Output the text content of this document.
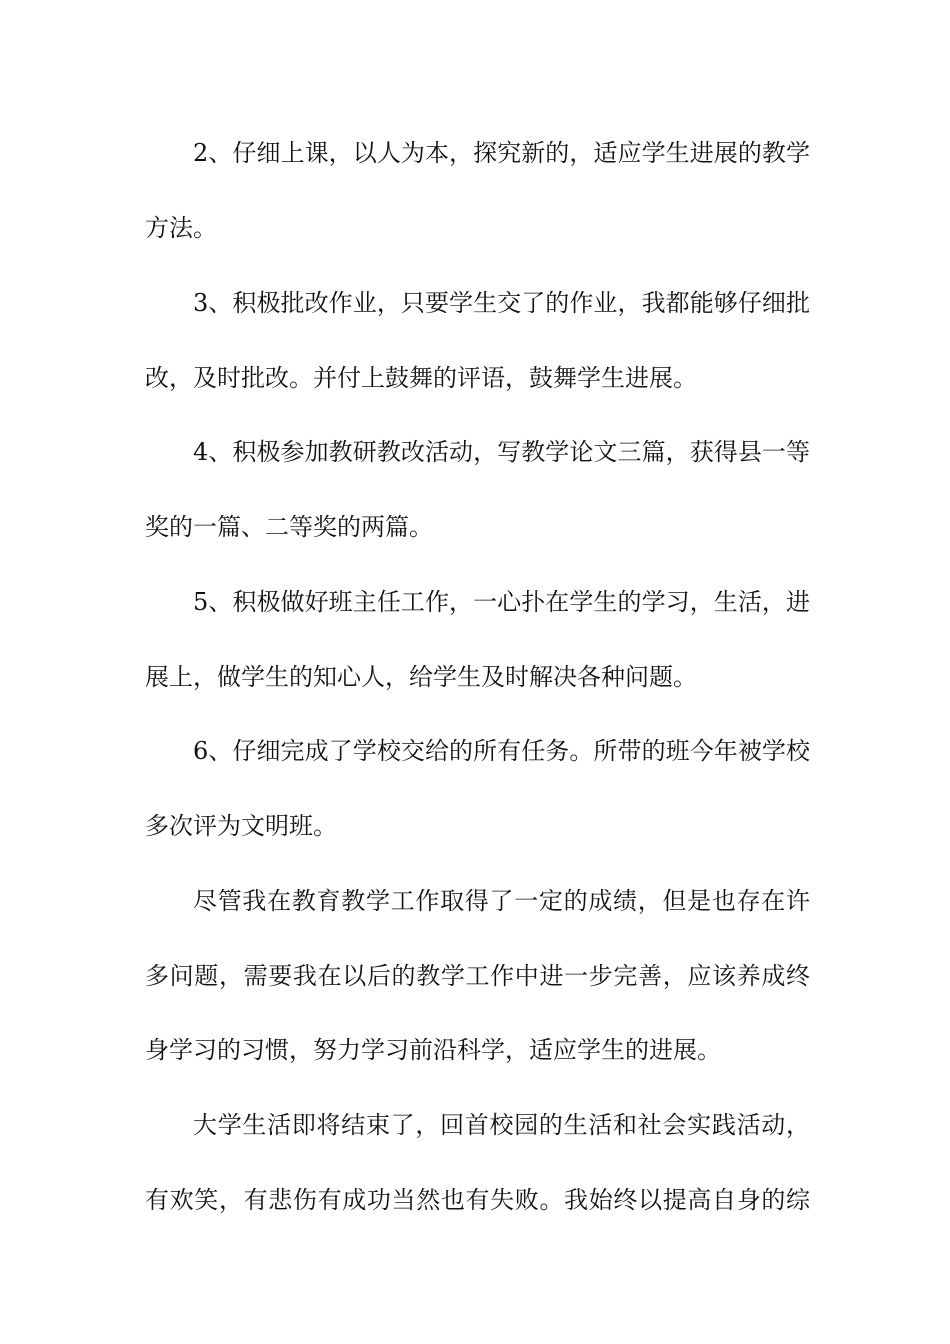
2、仔细上课，以人为本，探究新的，适应学生进展的教学
方法。
3、积极批改作业，只要学生交了的作业，我都能够仔细批
改，及时批改。并付上鼓舞的评语，鼓舞学生进展。
4、积极参加教研教改活动，写教学论文三篇，获得县一等
奖的一篇、二等奖的两篇。
5、积极做好班主任工作，一心扑在学生的学习，生活，进
展上，做学生的知心人，给学生及时解决各种问题。
6、仔细完成了学校交给的所有任务。所带的班今年被学校
多次评为文明班。
尽管我在教育教学工作取得了一定的成绩，但是也存在许
多问题，需要我在以后的教学工作中进一步完善，应该养成终
身学习的习惯，努力学习前沿科学，适应学生的进展。
大学生活即将结束了，回首校园的生活和社会实践活动，
有欢笑，有悲伤有成功当然也有失败。我始终以提高自身的综
